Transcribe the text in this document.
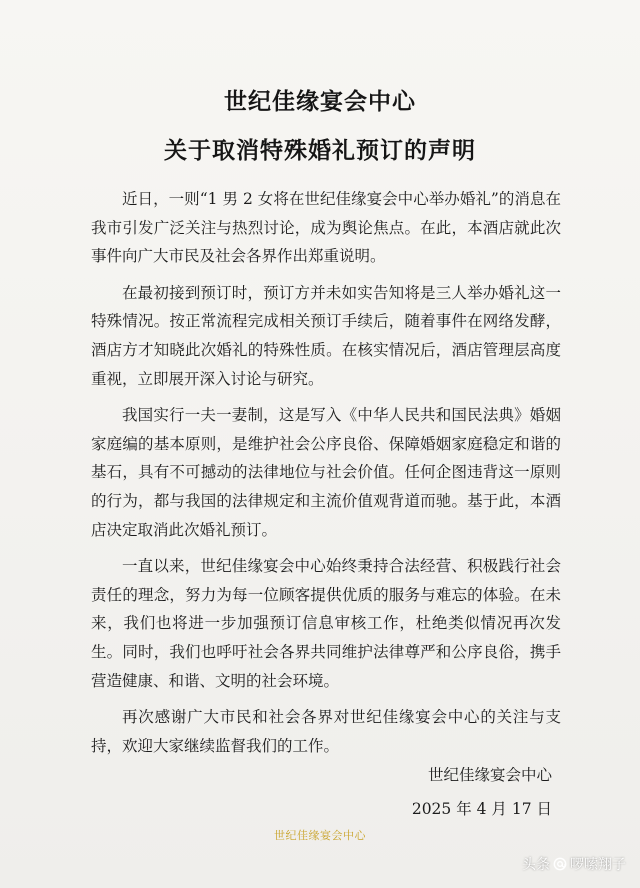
世纪佳缘宴会中心
关于取消特殊婚礼预订的声明

近日，一则“1 男 2 女将在世纪佳缘宴会中心举办婚礼”的消息在我市引发广泛关注与热烈讨论，成为舆论焦点。在此，本酒店就此次事件向广大市民及社会各界作出郑重说明。

在最初接到预订时，预订方并未如实告知将是三人举办婚礼这一特殊情况。按正常流程完成相关预订手续后，随着事件在网络发酵，酒店方才知晓此次婚礼的特殊性质。在核实情况后，酒店管理层高度重视，立即展开深入讨论与研究。

我国实行一夫一妻制，这是写入《中华人民共和国民法典》婚姻家庭编的基本原则，是维护社会公序良俗、保障婚姻家庭稳定和谐的基石，具有不可撼动的法律地位与社会价值。任何企图违背这一原则的行为，都与我国的法律规定和主流价值观背道而驰。基于此，本酒店决定取消此次婚礼预订。

一直以来，世纪佳缘宴会中心始终秉持合法经营、积极践行社会责任的理念，努力为每一位顾客提供优质的服务与难忘的体验。在未来，我们也将进一步加强预订信息审核工作，杜绝类似情况再次发生。同时，我们也呼吁社会各界共同维护法律尊严和公序良俗，携手营造健康、和谐、文明的社会环境。

再次感谢广大市民和社会各界对世纪佳缘宴会中心的关注与支持，欢迎大家继续监督我们的工作。

世纪佳缘宴会中心
2025 年 4 月 17 日
世纪佳缘宴会中心
头条 啰嗦翔子
